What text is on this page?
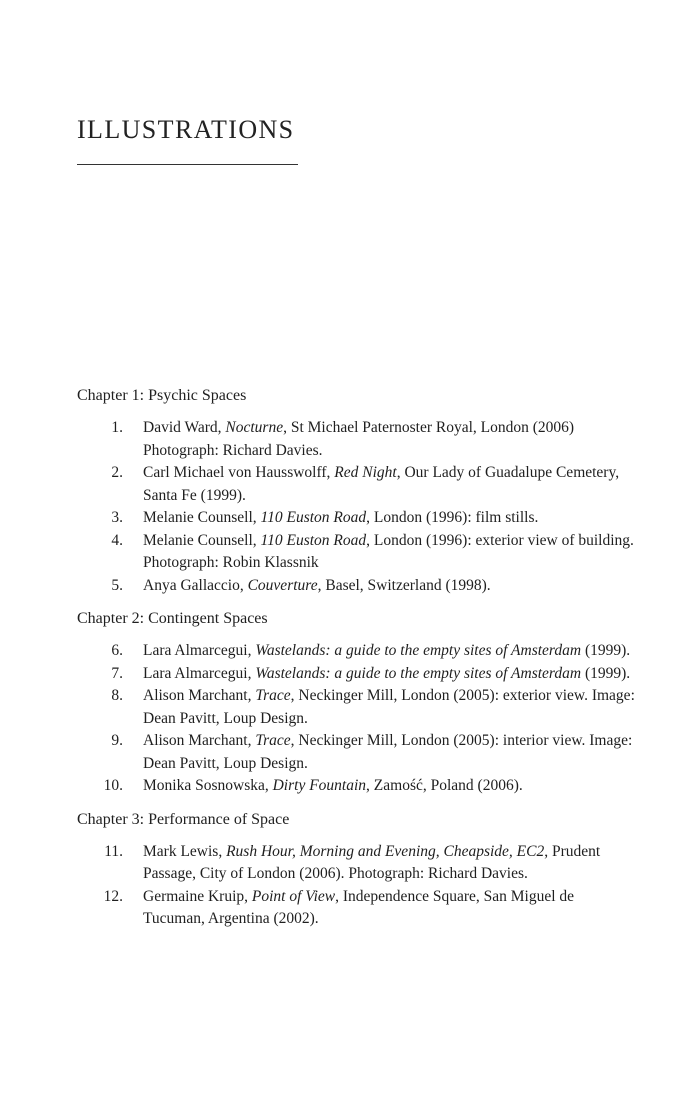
ILLUSTRATIONS
Chapter 1: Psychic Spaces
1. David Ward, Nocturne, St Michael Paternoster Royal, London (2006) Photograph: Richard Davies.
2. Carl Michael von Hausswolff, Red Night, Our Lady of Guadalupe Cemetery, Santa Fe (1999).
3. Melanie Counsell, 110 Euston Road, London (1996): film stills.
4. Melanie Counsell, 110 Euston Road, London (1996): exterior view of building. Photograph: Robin Klassnik
5. Anya Gallaccio, Couverture, Basel, Switzerland (1998).
Chapter 2: Contingent Spaces
6. Lara Almarcegui, Wastelands: a guide to the empty sites of Amsterdam (1999).
7. Lara Almarcegui, Wastelands: a guide to the empty sites of Amsterdam (1999).
8. Alison Marchant, Trace, Neckinger Mill, London (2005): exterior view. Image: Dean Pavitt, Loup Design.
9. Alison Marchant, Trace, Neckinger Mill, London (2005): interior view. Image: Dean Pavitt, Loup Design.
10. Monika Sosnowska, Dirty Fountain, Zamość, Poland (2006).
Chapter 3: Performance of Space
11. Mark Lewis, Rush Hour, Morning and Evening, Cheapside, EC2, Prudent Passage, City of London (2006). Photograph: Richard Davies.
12. Germaine Kruip, Point of View, Independence Square, San Miguel de Tucuman, Argentina (2002).
